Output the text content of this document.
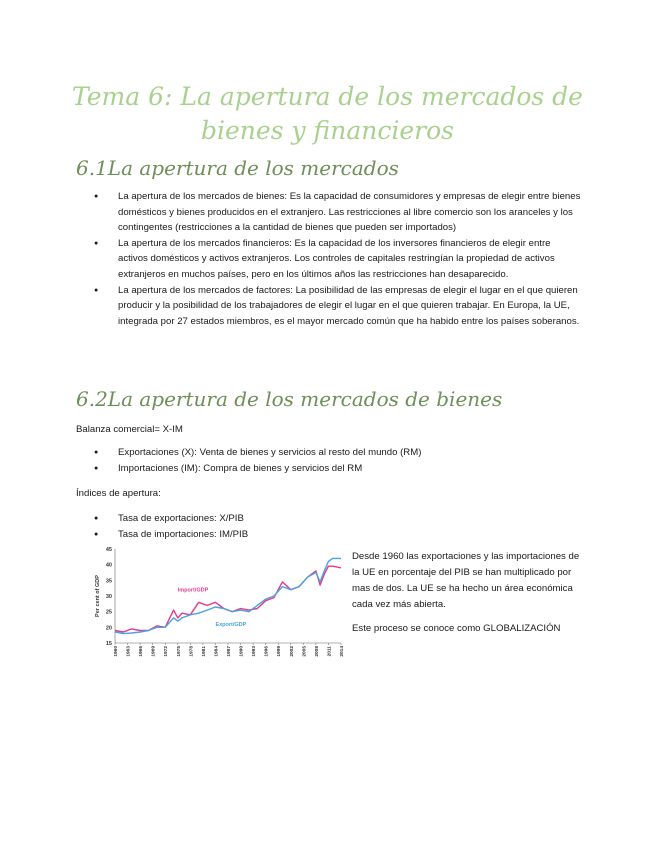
Tema 6: La apertura de los mercados de bienes y financieros
6.1La apertura de los mercados
● La apertura de los mercados de bienes: Es la capacidad de consumidores y empresas de elegir entre bienes domésticos y bienes producidos en el extranjero. Las restricciones al libre comercio son los aranceles y los contingentes (restricciones a la cantidad de bienes que pueden ser importados)
● La apertura de los mercados financieros: Es la capacidad de los inversores financieros de elegir entre activos domésticos y activos extranjeros. Los controles de capitales restringían la propiedad de activos extranjeros en muchos países, pero en los últimos años las restricciones han desaparecido.
● La apertura de los mercados de factores: La posibilidad de las empresas de elegir el lugar en el que quieren producir y la posibilidad de los trabajadores de elegir el lugar en el que quieren trabajar. En Europa, la UE, integrada por 27 estados miembros, es el mayor mercado común que ha habido entre los países soberanos.
6.2La apertura de los mercados de bienes
Balanza comercial= X-IM
● Exportaciones (X): Venta de bienes y servicios al resto del mundo (RM)
● Importaciones (IM): Compra de bienes y servicios del RM
Índices de apertura:
● Tasa de exportaciones: X/PIB
● Tasa de importaciones: IM/PIB
15
20
25
30
35
40
45
1960 1963 1966 1969 1972 1975 1978 1981 1984 1987 1990 1993 1996 1999 2002 2005 2008 2011 2014
Per cent of GDP	Import/GDP
Export/GDP

Desde 1960 las exportaciones y las importaciones de la UE en porcentaje del PIB se han multiplicado por mas de dos. La UE se ha hecho un área económica cada vez más abierta.

Este proceso se conoce como GLOBALIZACIÓN
